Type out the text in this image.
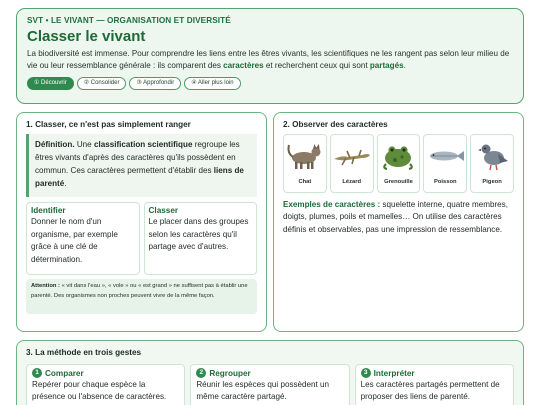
SVT • LE VIVANT — ORGANISATION ET DIVERSITÉ
Classer le vivant
La biodiversité est immense. Pour comprendre les liens entre les êtres vivants, les scientifiques ne les rangent pas selon leur milieu de vie ou leur ressemblance générale : ils comparent des caractères et recherchent ceux qui sont partagés.
① Découvrir	② Consolider	③ Approfondir	④ Aller plus loin
1. Classer, ce n'est pas simplement ranger
Définition. Une classification scientifique regroupe les êtres vivants d'après des caractères qu'ils possèdent en commun. Ces caractères permettent d'établir des liens de parenté.
Identifier
Donner le nom d'un organisme, par exemple grâce à une clé de détermination.
Classer
Le placer dans des groupes selon les caractères qu'il partage avec d'autres.
Attention : « vit dans l'eau », « vole » ou « est grand » ne suffisent pas à établir une parenté. Des organismes non proches peuvent vivre de la même façon.
2. Observer des caractères
Chat	Lézard	Grenouille	Poisson	Pigeon
Exemples de caractères : squelette interne, quatre membres, doigts, plumes, poils et mamelles… On utilise des caractères définis et observables, pas une impression de ressemblance.
3. La méthode en trois gestes
1 Comparer
Repérer pour chaque espèce la présence ou l'absence de caractères.
2 Regrouper
Réunir les espèces qui possèdent un même caractère partagé.
3 Interpréter
Les caractères partagés permettent de proposer des liens de parenté.
